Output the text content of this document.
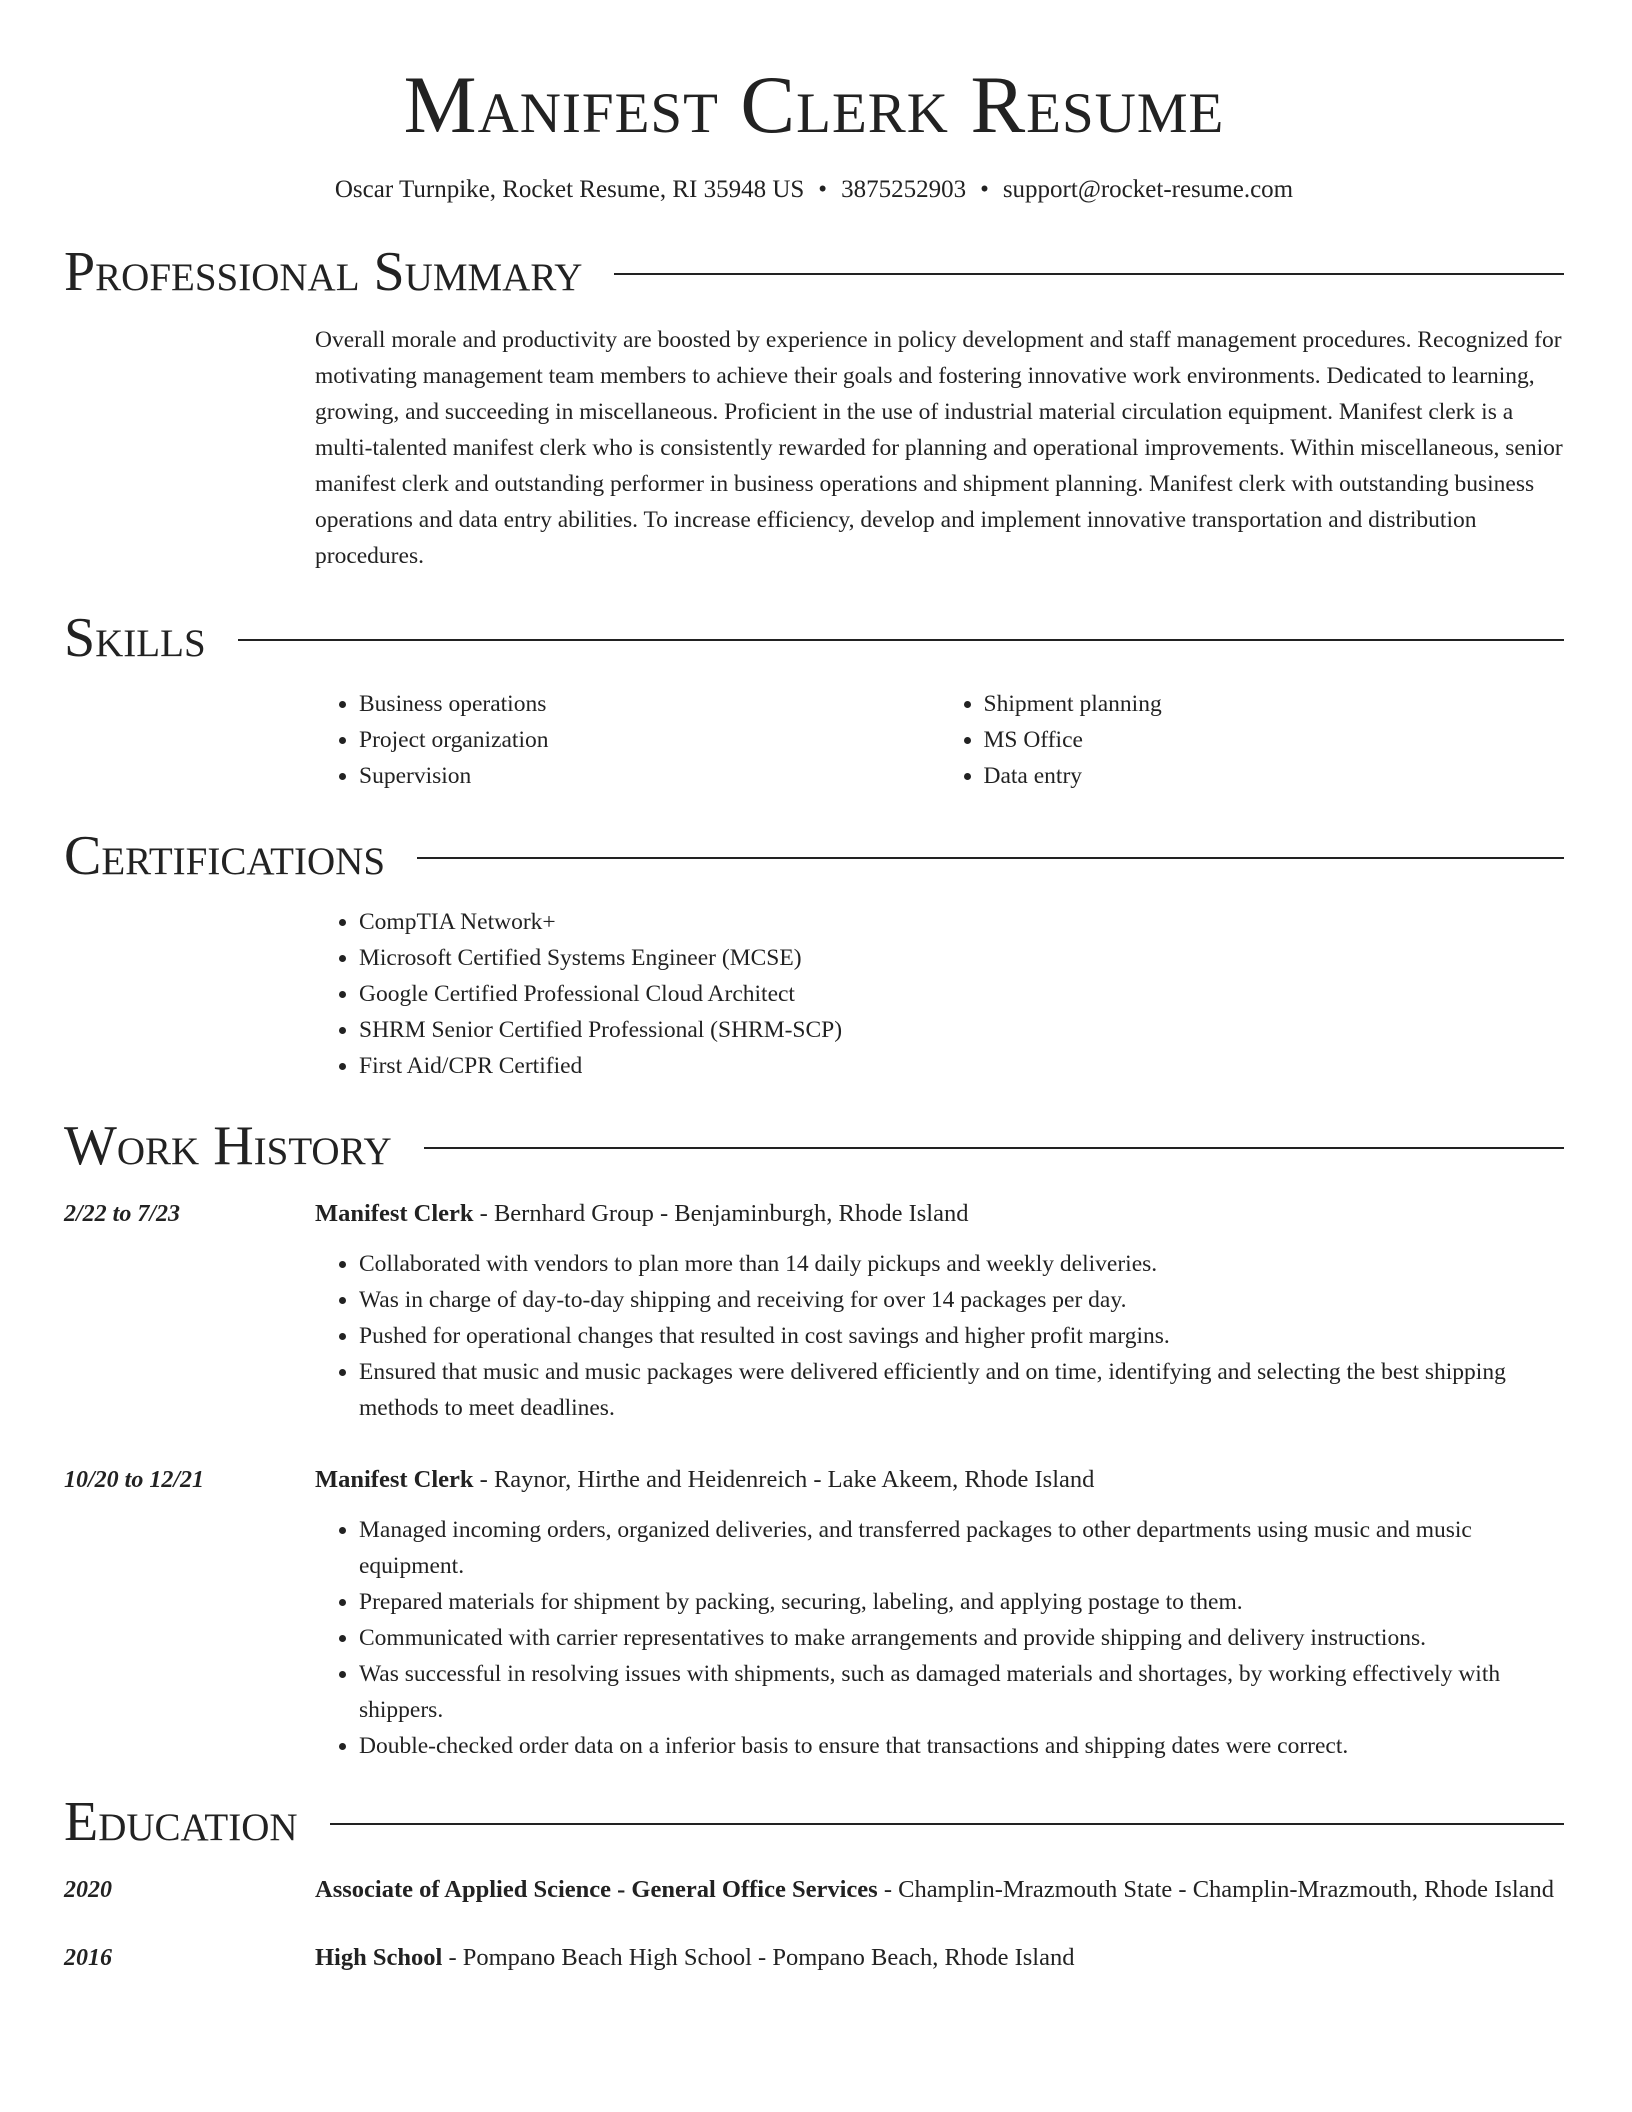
Manifest Clerk Resume
Oscar Turnpike, Rocket Resume, RI 35948 US • 3875252903 • support@rocket-resume.com
Professional Summary
Overall morale and productivity are boosted by experience in policy development and staff management procedures. Recognized for motivating management team members to achieve their goals and fostering innovative work environments. Dedicated to learning, growing, and succeeding in miscellaneous. Proficient in the use of industrial material circulation equipment. Manifest clerk is a multi-talented manifest clerk who is consistently rewarded for planning and operational improvements. Within miscellaneous, senior manifest clerk and outstanding performer in business operations and shipment planning. Manifest clerk with outstanding business operations and data entry abilities. To increase efficiency, develop and implement innovative transportation and distribution procedures.
Skills
• Business operations
• Project organization
• Supervision
• Shipment planning
• MS Office
• Data entry
Certifications
• CompTIA Network+
• Microsoft Certified Systems Engineer (MCSE)
• Google Certified Professional Cloud Architect
• SHRM Senior Certified Professional (SHRM-SCP)
• First Aid/CPR Certified
Work History
2/22 to 7/23	Manifest Clerk - Bernhard Group - Benjaminburgh, Rhode Island
• Collaborated with vendors to plan more than 14 daily pickups and weekly deliveries.
• Was in charge of day-to-day shipping and receiving for over 14 packages per day.
• Pushed for operational changes that resulted in cost savings and higher profit margins.
• Ensured that music and music packages were delivered efficiently and on time, identifying and selecting the best shipping methods to meet deadlines.
10/20 to 12/21	Manifest Clerk - Raynor, Hirthe and Heidenreich - Lake Akeem, Rhode Island
• Managed incoming orders, organized deliveries, and transferred packages to other departments using music and music equipment.
• Prepared materials for shipment by packing, securing, labeling, and applying postage to them.
• Communicated with carrier representatives to make arrangements and provide shipping and delivery instructions.
• Was successful in resolving issues with shipments, such as damaged materials and shortages, by working effectively with shippers.
• Double-checked order data on a inferior basis to ensure that transactions and shipping dates were correct.
Education
2020	Associate of Applied Science - General Office Services - Champlin-Mrazmouth State - Champlin-Mrazmouth, Rhode Island
2016	High School - Pompano Beach High School - Pompano Beach, Rhode Island
